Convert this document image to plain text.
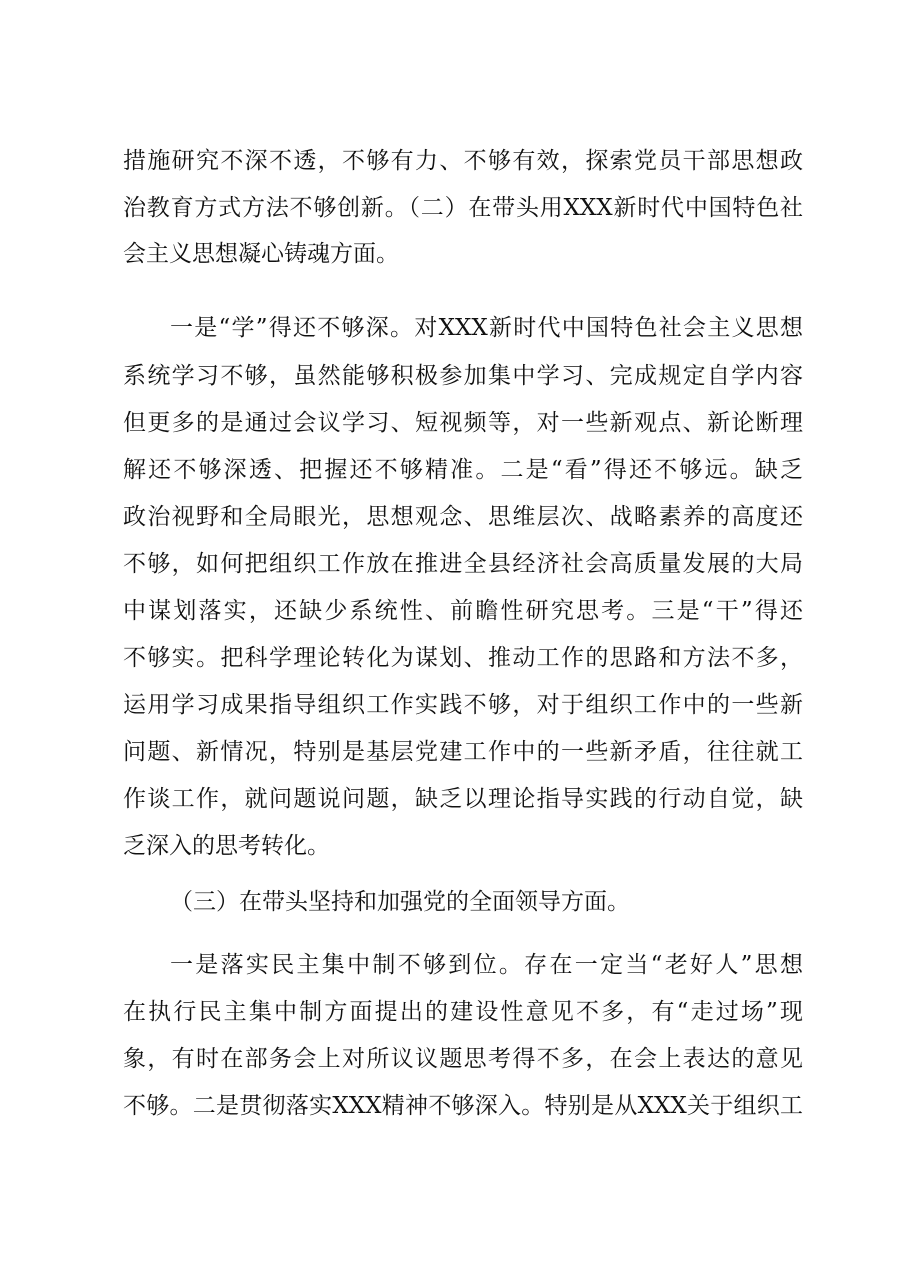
措施研究不深不透，不够有力、不够有效，探索党员干部思想政
治教育方式方法不够创新。（二）在带头用XXX新时代中国特色社
会主义思想凝心铸魂方面。
一是“学”得还不够深。对XXX新时代中国特色社会主义思想
系统学习不够，虽然能够积极参加集中学习、完成规定自学内容
但更多的是通过会议学习、短视频等，对一些新观点、新论断理
解还不够深透、把握还不够精准。二是“看”得还不够远。缺乏
政治视野和全局眼光，思想观念、思维层次、战略素养的高度还
不够，如何把组织工作放在推进全县经济社会高质量发展的大局
中谋划落实，还缺少系统性、前瞻性研究思考。三是“干”得还
不够实。把科学理论转化为谋划、推动工作的思路和方法不多，
运用学习成果指导组织工作实践不够，对于组织工作中的一些新
问题、新情况，特别是基层党建工作中的一些新矛盾，往往就工
作谈工作，就问题说问题，缺乏以理论指导实践的行动自觉，缺
乏深入的思考转化。
（三）在带头坚持和加强党的全面领导方面。
一是落实民主集中制不够到位。存在一定当“老好人”思想
在执行民主集中制方面提出的建设性意见不多，有“走过场”现
象，有时在部务会上对所议议题思考得不多，在会上表达的意见
不够。二是贯彻落实XXX精神不够深入。特别是从XXX关于组织工
